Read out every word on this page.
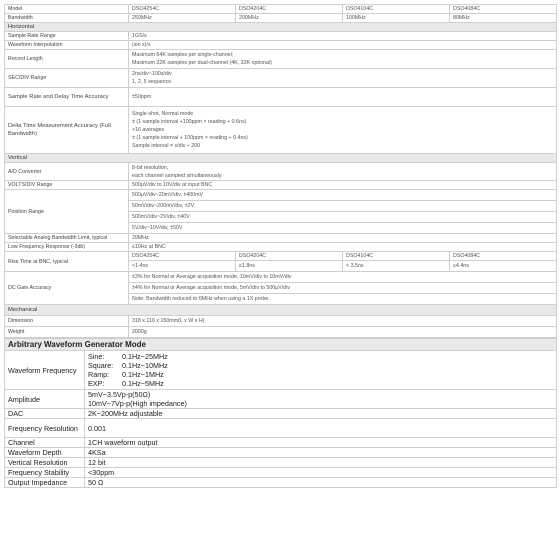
Model	DSO4254C	DSO4204C	DSO4104C	DSO4084C
Bandwidth	250MHz	200MHz	100MHz	80MHz
Horizontal				
Sample Rate Range	1GS/s			
Waveform Interpolation	(sin x)/x			
Record Length	Maximum 64K samples per single-channel;
Maximum 32K samples per dual-channel (4K, 32K optional)			

SEC/DIV Range	2ns/div~100s/div
1, 2, 5 sequence			

Sample Rate and Delay Time Accuracy	±50ppm			
Delta Time Measurement Accuracy (Full Bandwidth)	Single-shot, Normal mode
± (1 sample interval +100ppm × reading + 0.6ns)
>16 averages
± (1 sample interval + 100ppm × reading + 0.4ns)
Sample interval = s/div ÷ 200			

Vertical				
A/D Converter	8-bit resolution,
each channel sampled simultaneously			

VOLTS/DIV Range	500μV/div to 10V/div at input BNC			
Position Range	500μV/div~20mV/div, ±400mV			
	50mV/div~200mV/div, ±2V			
	500mV/div~2V/div, ±40V			
	5V/div~10V/div, ±50V			
Selectable Analog Bandwidth Limit, typical	20MHz			
Low Frequency Response (-3db)	≤10Hz at BNC			
Rise Time at BNC, typical	DSO4254C	DSO4204C	DSO4104C	DSO4084C
	<1.4ns	≤1.8ns	< 3.5ns	≤4.4ns
DC Gain Accuracy	±3% for Normal or Average acquisition mode, 10mV/div to 10mV/div			
	±4% for Normal or Average acquisition mode, 5mV/div to 500μV/div			
	Note: Bandwidth reduced to 6MHz when using a 1X probe.			
Mechanical				
Dimension	318 x 110 x 150mm(L x W x H)			
Weight	2000g			
Arbitrary Waveform Generator Mode	
Waveform Frequency	Sine: 0.1Hz~25MHz
Square: 0.1Hz~10MHz
Ramp: 0.1Hz~1MHz
EXP: 0.1Hz~5MHz

Amplitude	5mV~3.5Vp-p(50Ω)
10mV~7Vp-p(High impedance)

DAC	2K~200MHz adjustable
Frequency Resolution	0.001
Channel	1CH waveform output
Waveform Depth	4KSa
Vertical Resolution	12 bit
Frequency Stability	<30ppm
Output Impedance	50 Ω
